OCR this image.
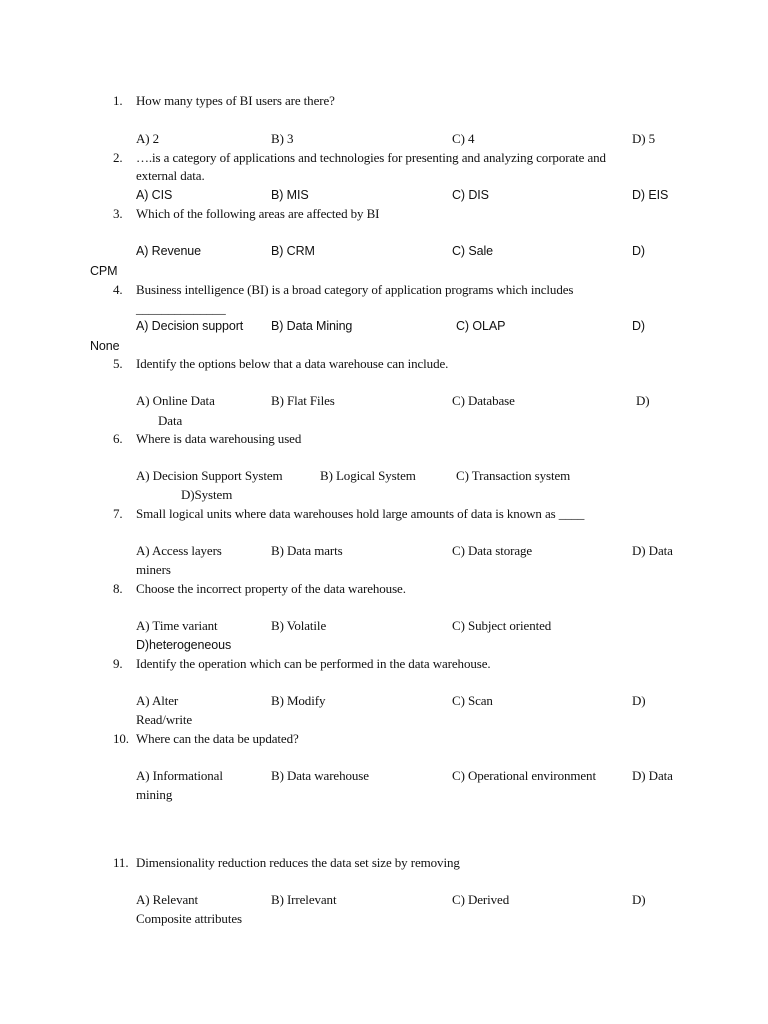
1. How many types of BI users are there?
A) 2	B) 3	C) 4	D) 5
2. ….is a category of applications and technologies for presenting and analyzing corporate and
external data.
A) CIS	B) MIS	C) DIS	D) EIS
3. Which of the following areas are affected by BI
A) Revenue	B) CRM	C) Sale	D)
CPM
4. Business intelligence (BI) is a broad category of application programs which includes
______________
A) Decision support B) Data Mining	C) OLAP	D)
None
5. Identify the options below that a data warehouse can include.
A) Online Data	B) Flat Files	C) Database	D)
Data
6. Where is data warehousing used
A) Decision Support System	B) Logical System	C) Transaction system
D)System
7. Small logical units where data warehouses hold large amounts of data is known as ____
A) Access layers	B) Data marts	C) Data storage	D) Data
miners
8. Choose the incorrect property of the data warehouse.
A) Time variant	B) Volatile	C) Subject oriented
D)heterogeneous
9. Identify the operation which can be performed in the data warehouse.
A) Alter	B) Modify	C) Scan	D)
Read/write
10. Where can the data be updated?
A) Informational	B) Data warehouse	C) Operational environment	D) Data
mining
11. Dimensionality reduction reduces the data set size by removing
A) Relevant	B) Irrelevant	C) Derived	D)
Composite attributes
